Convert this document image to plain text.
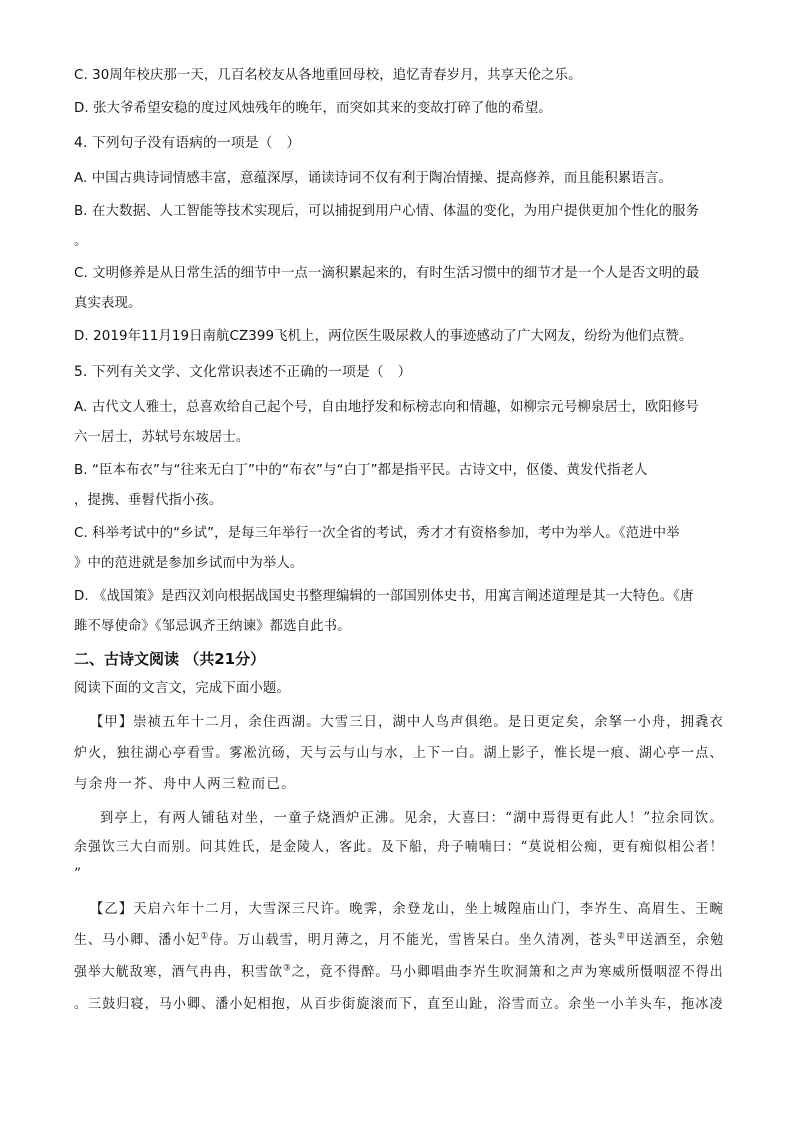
C. 30周年校庆那一天，几百名校友从各地重回母校，追忆青春岁月，共享天伦之乐。
D. 张大爷希望安稳的度过风烛残年的晚年，而突如其来的变故打碎了他的希望。
4. 下列句子没有语病的一项是（　）
A. 中国古典诗词情感丰富，意蕴深厚，诵读诗词不仅有利于陶冶情操、提高修养，而且能积累语言。
B. 在大数据、人工智能等技术实现后，可以捕捉到用户心情、体温的变化，为用户提供更加个性化的服务
。
C. 文明修养是从日常生活的细节中一点一滴积累起来的，有时生活习惯中的细节才是一个人是否文明的最
真实表现。
D. 2019年11月19日南航CZ399飞机上，两位医生吸尿救人的事迹感动了广大网友，纷纷为他们点赞。
5. 下列有关文学、文化常识表述不正确的一项是（　）
A. 古代文人雅士，总喜欢给自己起个号，自由地抒发和标榜志向和情趣，如柳宗元号柳泉居士，欧阳修号
六一居士，苏轼号东坡居士。
B. “臣本布衣”与“往来无白丁”中的“布衣”与“白丁”都是指平民。古诗文中，伛偻、黄发代指老人
，提携、垂髫代指小孩。
C. 科举考试中的“乡试”，是每三年举行一次全省的考试，秀才才有资格参加，考中为举人。《范进中举
》中的范进就是参加乡试而中为举人。
D. 《战国策》是西汉刘向根据战国史书整理编辑的一部国别体史书，用寓言阐述道理是其一大特色。《唐
雎不辱使命》《邹忌讽齐王纳谏》都选自此书。
二、古诗文阅读 （共21分）
阅读下面的文言文，完成下面小题。
【甲】崇祯五年十二月，余住西湖。大雪三日，湖中人鸟声俱绝。是日更定矣，余拏一小舟，拥毳衣
炉火，独往湖心亭看雪。雾凇沆砀，天与云与山与水，上下一白。湖上影子，惟长堤一痕、湖心亭一点、
与余舟一芥、舟中人两三粒而已。
到亭上，有两人铺毡对坐，一童子烧酒炉正沸。见余，大喜曰：“湖中焉得更有此人！”拉余同饮。
余强饮三大白而别。问其姓氏，是金陵人，客此。及下船，舟子喃喃曰：“莫说相公痴，更有痴似相公者！
”
【乙】天启六年十二月，大雪深三尺许。晚霁，余登龙山，坐上城隍庙山门，李岕生、高眉生、王畹
生、马小卿、潘小妃①侍。万山载雪，明月薄之，月不能光，雪皆呆白。坐久清冽，苍头②甲送酒至，余勉
强举大觥敌寒，酒气冉冉，积雪欱③之，竟不得醉。马小卿唱曲李岕生吹洞箫和之声为寒威所慑咽涩不得出
。三鼓归寝，马小卿、潘小妃相抱，从百步街旋滚而下，直至山趾，浴雪而立。余坐一小羊头车，拖冰凌
